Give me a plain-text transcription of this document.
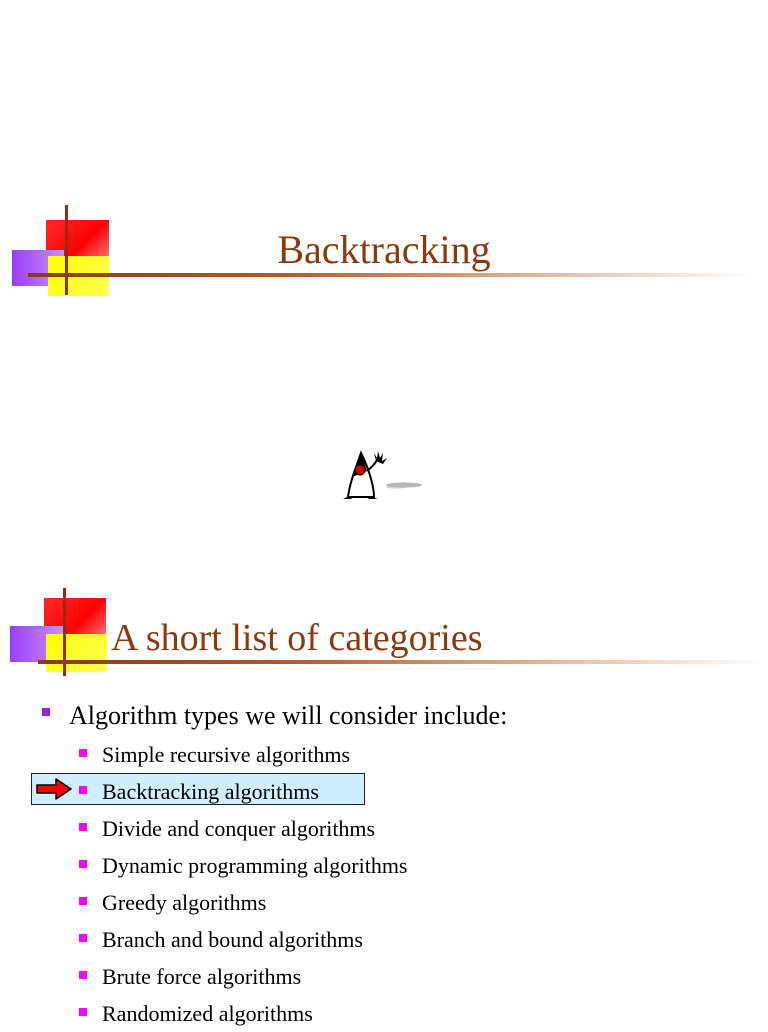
Backtracking
A short list of categories
Algorithm types we will consider include:
Simple recursive algorithms
Backtracking algorithms
Divide and conquer algorithms
Dynamic programming algorithms
Greedy algorithms
Branch and bound algorithms
Brute force algorithms
Randomized algorithms
